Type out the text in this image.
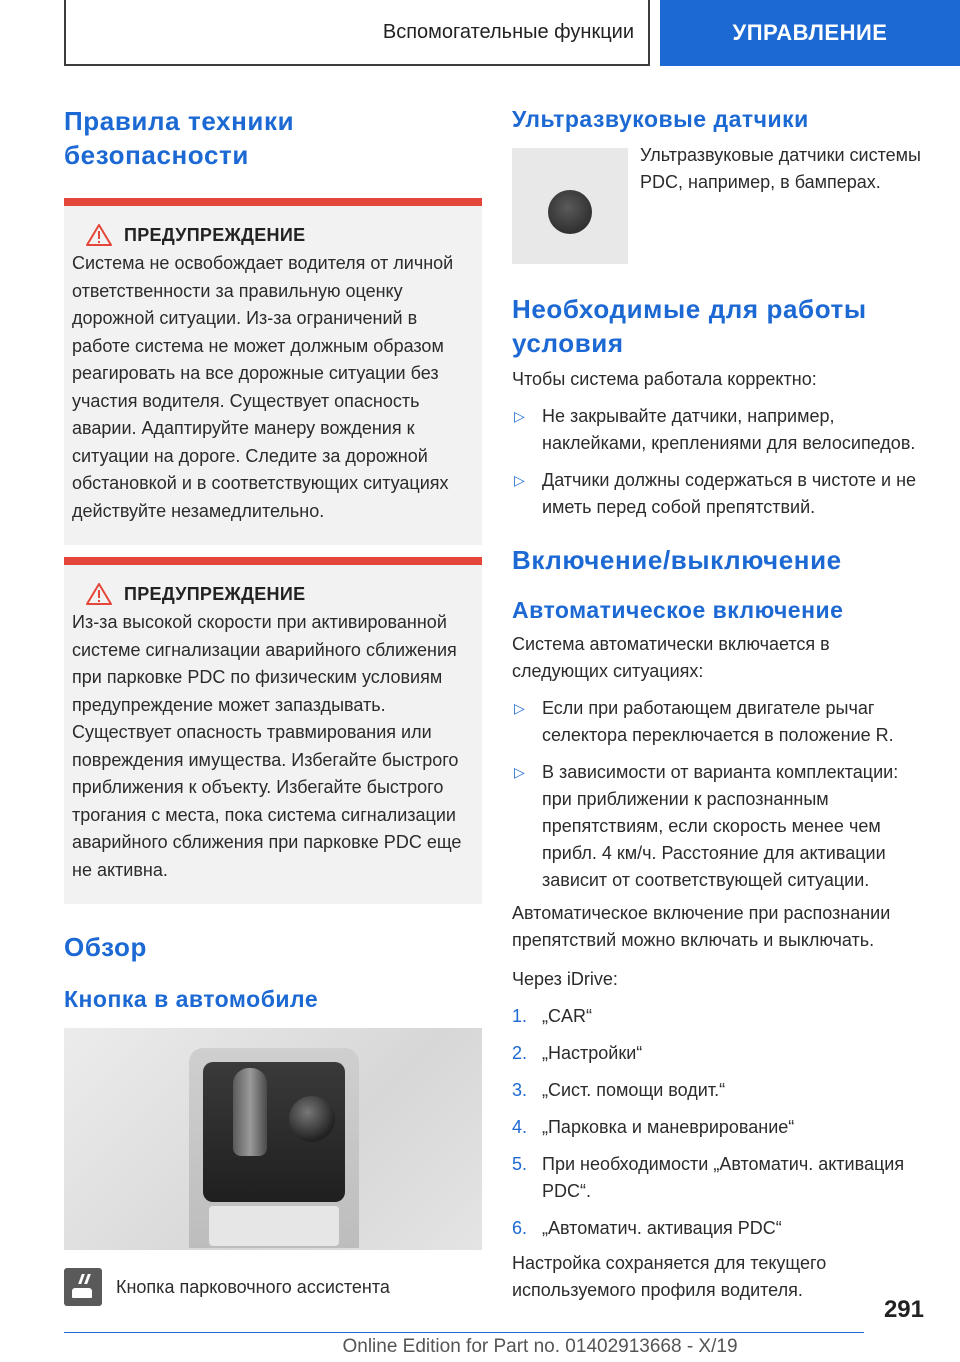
Вспомогательные функции	УПРАВЛЕНИЕ
Правила техники безопасности
ПРЕДУПРЕЖДЕНИЕ

Система не освобождает водителя от личной ответственности за правильную оценку дорожной ситуации. Из-за ограничений в работе система не может должным образом реагировать на все дорожные ситуации без участия водителя. Существует опасность аварии. Адаптируйте манеру вождения к ситуации на дороге. Следите за дорожной обстановкой и в соответствующих ситуациях действуйте незамедлительно.

ПРЕДУПРЕЖДЕНИЕ

Из-за высокой скорости при активированной системе сигнализации аварийного сближения при парковке PDC по физическим условиям предупреждение может запаздывать. Существует опасность травмирования или повреждения имущества. Избегайте быстрого приближения к объекту. Избегайте быстрого трогания с места, пока система сигнализации аварийного сближения при парковке PDC еще не активна.

Обзор
Кнопка в автомобиле

Кнопка парковочного ассистента

Ультразвуковые датчики

Ультразвуковые датчики системы PDC, например, в бамперах.

Необходимые для работы условия

Чтобы система работала корректно:

▷ Не закрывайте датчики, например, наклейками, креплениями для велосипедов.
▷ Датчики должны содержаться в чистоте и не иметь перед собой препятствий.
Включение/выключение
Автоматическое включение

Система автоматически включается в следующих ситуациях:

▷ Если при работающем двигателе рычаг селектора переключается в положение R.
▷ В зависимости от варианта комплектации: при приближении к распознанным препятствиям, если скорость менее чем прибл. 4 км/ч. Расстояние для активации зависит от соответствующей ситуации.

Автоматическое включение при распознании препятствий можно включать и выключать.

Через iDrive:

1. „CAR“
2. „Настройки“
3. „Сист. помощи водит.“
4. „Парковка и маневрирование“
5. При необходимости „Автоматич. активация PDC“.
6. „Автоматич. активация PDC“

Настройка сохраняется для текущего используемого профиля водителя.

291
Online Edition for Part no. 01402913668 - X/19
